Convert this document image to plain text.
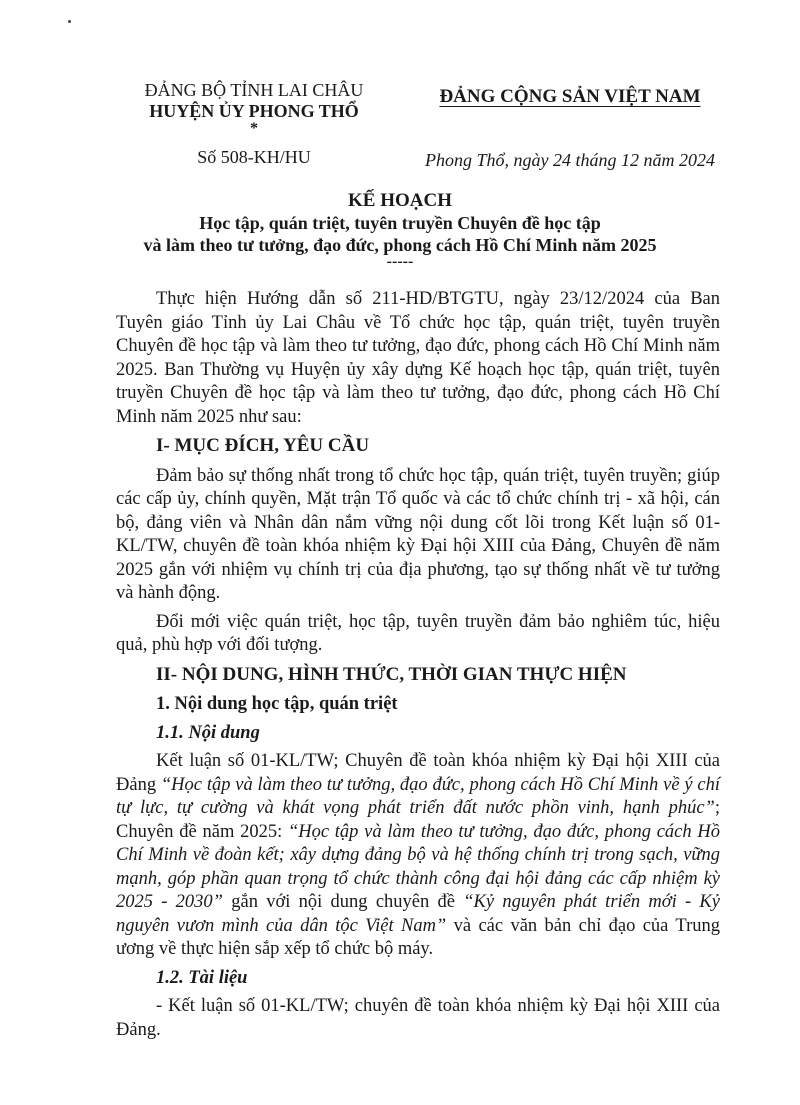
ĐẢNG BỘ TỈNH LAI CHÂU
HUYỆN ỦY PHONG THỔ
*
Số 508-KH/HU
ĐẢNG CỘNG SẢN VIỆT NAM
Phong Thổ, ngày 24 tháng 12 năm 2024
KẾ HOẠCH
Học tập, quán triệt, tuyên truyền Chuyên đề học tập
và làm theo tư tưởng, đạo đức, phong cách Hồ Chí Minh năm 2025
-----

Thực hiện Hướng dẫn số 211-HD/BTGTU, ngày 23/12/2024 của Ban Tuyên giáo Tỉnh ủy Lai Châu về Tổ chức học tập, quán triệt, tuyên truyền Chuyên đề học tập và làm theo tư tưởng, đạo đức, phong cách Hồ Chí Minh năm 2025. Ban Thường vụ Huyện ủy xây dựng Kế hoạch học tập, quán triệt, tuyên truyền Chuyên đề học tập và làm theo tư tưởng, đạo đức, phong cách Hồ Chí Minh năm 2025 như sau:

I- MỤC ĐÍCH, YÊU CẦU

Đảm bảo sự thống nhất trong tổ chức học tập, quán triệt, tuyên truyền; giúp các cấp ủy, chính quyền, Mặt trận Tổ quốc và các tổ chức chính trị - xã hội, cán bộ, đảng viên và Nhân dân nắm vững nội dung cốt lõi trong Kết luận số 01-KL/TW, chuyên đề toàn khóa nhiệm kỳ Đại hội XIII của Đảng, Chuyên đề năm 2025 gắn với nhiệm vụ chính trị của địa phương, tạo sự thống nhất về tư tưởng và hành động.

Đổi mới việc quán triệt, học tập, tuyên truyền đảm bảo nghiêm túc, hiệu quả, phù hợp với đối tượng.

II- NỘI DUNG, HÌNH THỨC, THỜI GIAN THỰC HIỆN
1. Nội dung học tập, quán triệt
1.1. Nội dung

Kết luận số 01-KL/TW; Chuyên đề toàn khóa nhiệm kỳ Đại hội XIII của Đảng “Học tập và làm theo tư tưởng, đạo đức, phong cách Hồ Chí Minh về ý chí tự lực, tự cường và khát vọng phát triển đất nước phồn vinh, hạnh phúc”; Chuyên đề năm 2025: “Học tập và làm theo tư tưởng, đạo đức, phong cách Hồ Chí Minh về đoàn kết; xây dựng đảng bộ và hệ thống chính trị trong sạch, vững mạnh, góp phần quan trọng tổ chức thành công đại hội đảng các cấp nhiệm kỳ 2025 - 2030” gắn với nội dung chuyên đề “Kỷ nguyên phát triển mới - Kỷ nguyên vươn mình của dân tộc Việt Nam” và các văn bản chỉ đạo của Trung ương về thực hiện sắp xếp tổ chức bộ máy.

1.2. Tài liệu

- Kết luận số 01-KL/TW; chuyên đề toàn khóa nhiệm kỳ Đại hội XIII của Đảng.
